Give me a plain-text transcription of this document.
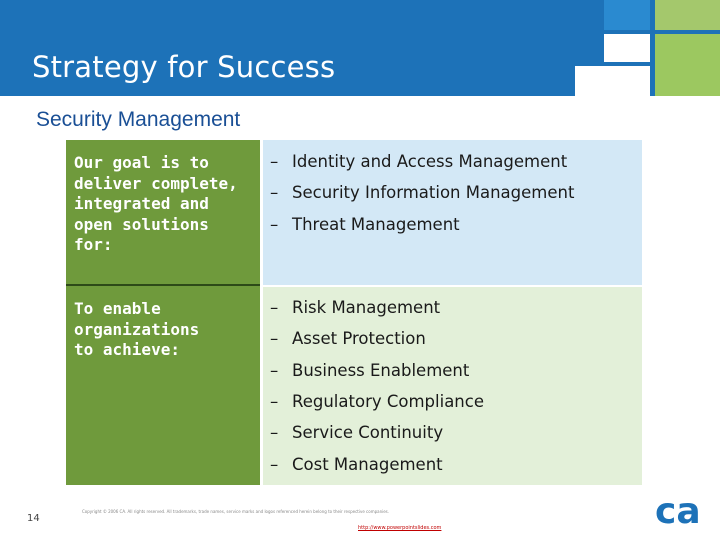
Strategy for Success
Security Management
Our goal is to
deliver complete,
integrated and
open solutions
for:
To enable
organizations
to achieve:
– Identity and Access Management
– Security Information Management
– Threat Management
– Risk Management
– Asset Protection
– Business Enablement
– Regulatory Compliance
– Service Continuity
– Cost Management
14
Copyright © 2006 CA. All rights reserved. All trademarks, trade names, service marks and logos referenced herein belong to their respective companies.
http://www.powerpointslides.com	ca
